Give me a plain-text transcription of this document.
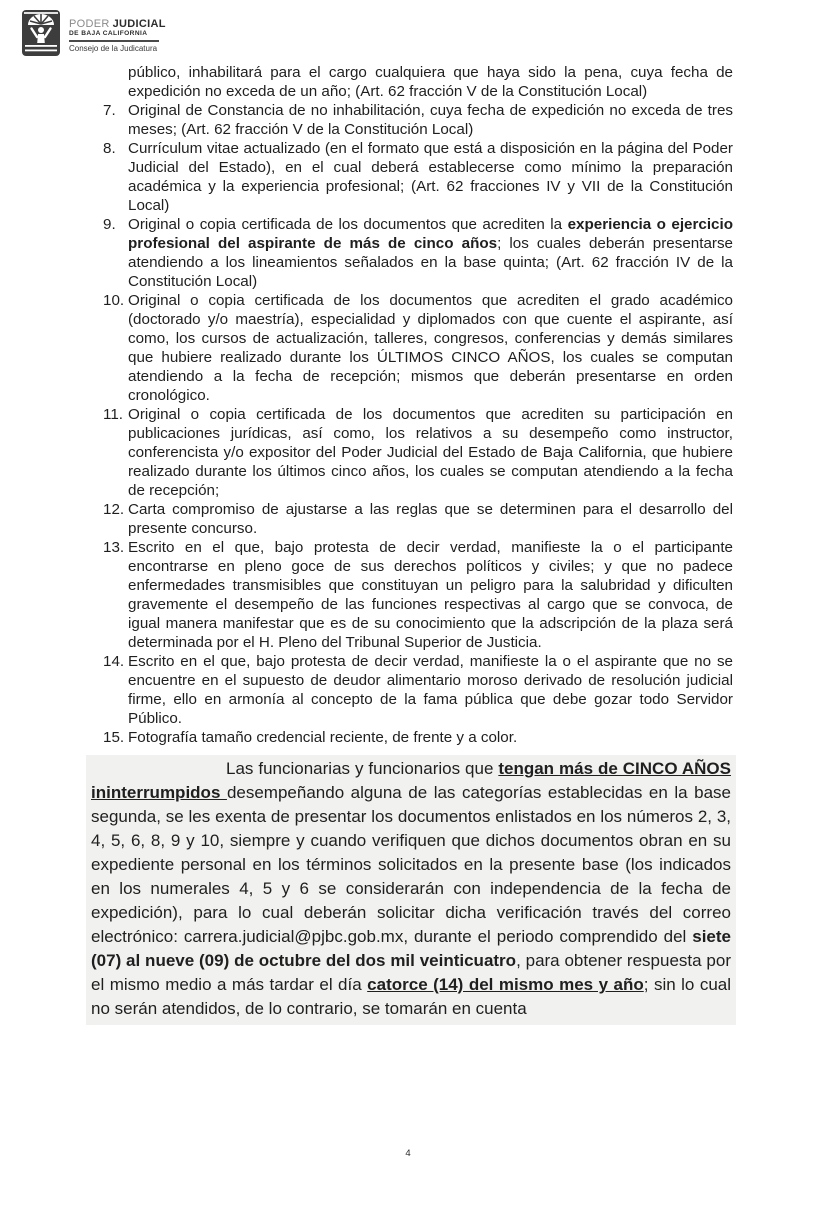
PODER JUDICIAL
DE BAJA CALIFORNIA
Consejo de la Judicatura
público, inhabilitará para el cargo cualquiera que haya sido la pena, cuya fecha de expedición no exceda de un año; (Art. 62 fracción V de la Constitución Local)
7. Original de Constancia de no inhabilitación, cuya fecha de expedición no exceda de tres meses; (Art. 62 fracción V de la Constitución Local)
8. Currículum vitae actualizado (en el formato que está a disposición en la página del Poder Judicial del Estado), en el cual deberá establecerse como mínimo la preparación académica y la experiencia profesional; (Art. 62 fracciones IV y VII de la Constitución Local)
9. Original o copia certificada de los documentos que acrediten la experiencia o ejercicio profesional del aspirante de más de cinco años; los cuales deberán presentarse atendiendo a los lineamientos señalados en la base quinta; (Art. 62 fracción IV de la Constitución Local)
10. Original o copia certificada de los documentos que acrediten el grado académico (doctorado y/o maestría), especialidad y diplomados con que cuente el aspirante, así como, los cursos de actualización, talleres, congresos, conferencias y demás similares que hubiere realizado durante los ÚLTIMOS CINCO AÑOS, los cuales se computan atendiendo a la fecha de recepción; mismos que deberán presentarse en orden cronológico.
11. Original o copia certificada de los documentos que acrediten su participación en publicaciones jurídicas, así como, los relativos a su desempeño como instructor, conferencista y/o expositor del Poder Judicial del Estado de Baja California, que hubiere realizado durante los últimos cinco años, los cuales se computan atendiendo a la fecha de recepción;
12. Carta compromiso de ajustarse a las reglas que se determinen para el desarrollo del presente concurso.
13. Escrito en el que, bajo protesta de decir verdad, manifieste la o el participante encontrarse en pleno goce de sus derechos políticos y civiles; y que no padece enfermedades transmisibles que constituyan un peligro para la salubridad y dificulten gravemente el desempeño de las funciones respectivas al cargo que se convoca, de igual manera manifestar que es de su conocimiento que la adscripción de la plaza será determinada por el H. Pleno del Tribunal Superior de Justicia.
14. Escrito en el que, bajo protesta de decir verdad, manifieste la o el aspirante que no se encuentre en el supuesto de deudor alimentario moroso derivado de resolución judicial firme, ello en armonía al concepto de la fama pública que debe gozar todo Servidor Público.
15. Fotografía tamaño credencial reciente, de frente y a color.
Las funcionarias y funcionarios que tengan más de CINCO AÑOS ininterrumpidos desempeñando alguna de las categorías establecidas en la base segunda, se les exenta de presentar los documentos enlistados en los números 2, 3, 4, 5, 6, 8, 9 y 10, siempre y cuando verifiquen que dichos documentos obran en su expediente personal en los términos solicitados en la presente base (los indicados en los numerales 4, 5 y 6 se considerarán con independencia de la fecha de expedición), para lo cual deberán solicitar dicha verificación través del correo electrónico: carrera.judicial@pjbc.gob.mx, durante el periodo comprendido del siete (07) al nueve (09) de octubre del dos mil veinticuatro, para obtener respuesta por el mismo medio a más tardar el día catorce (14) del mismo mes y año; sin lo cual no serán atendidos, de lo contrario, se tomarán en cuenta
4
